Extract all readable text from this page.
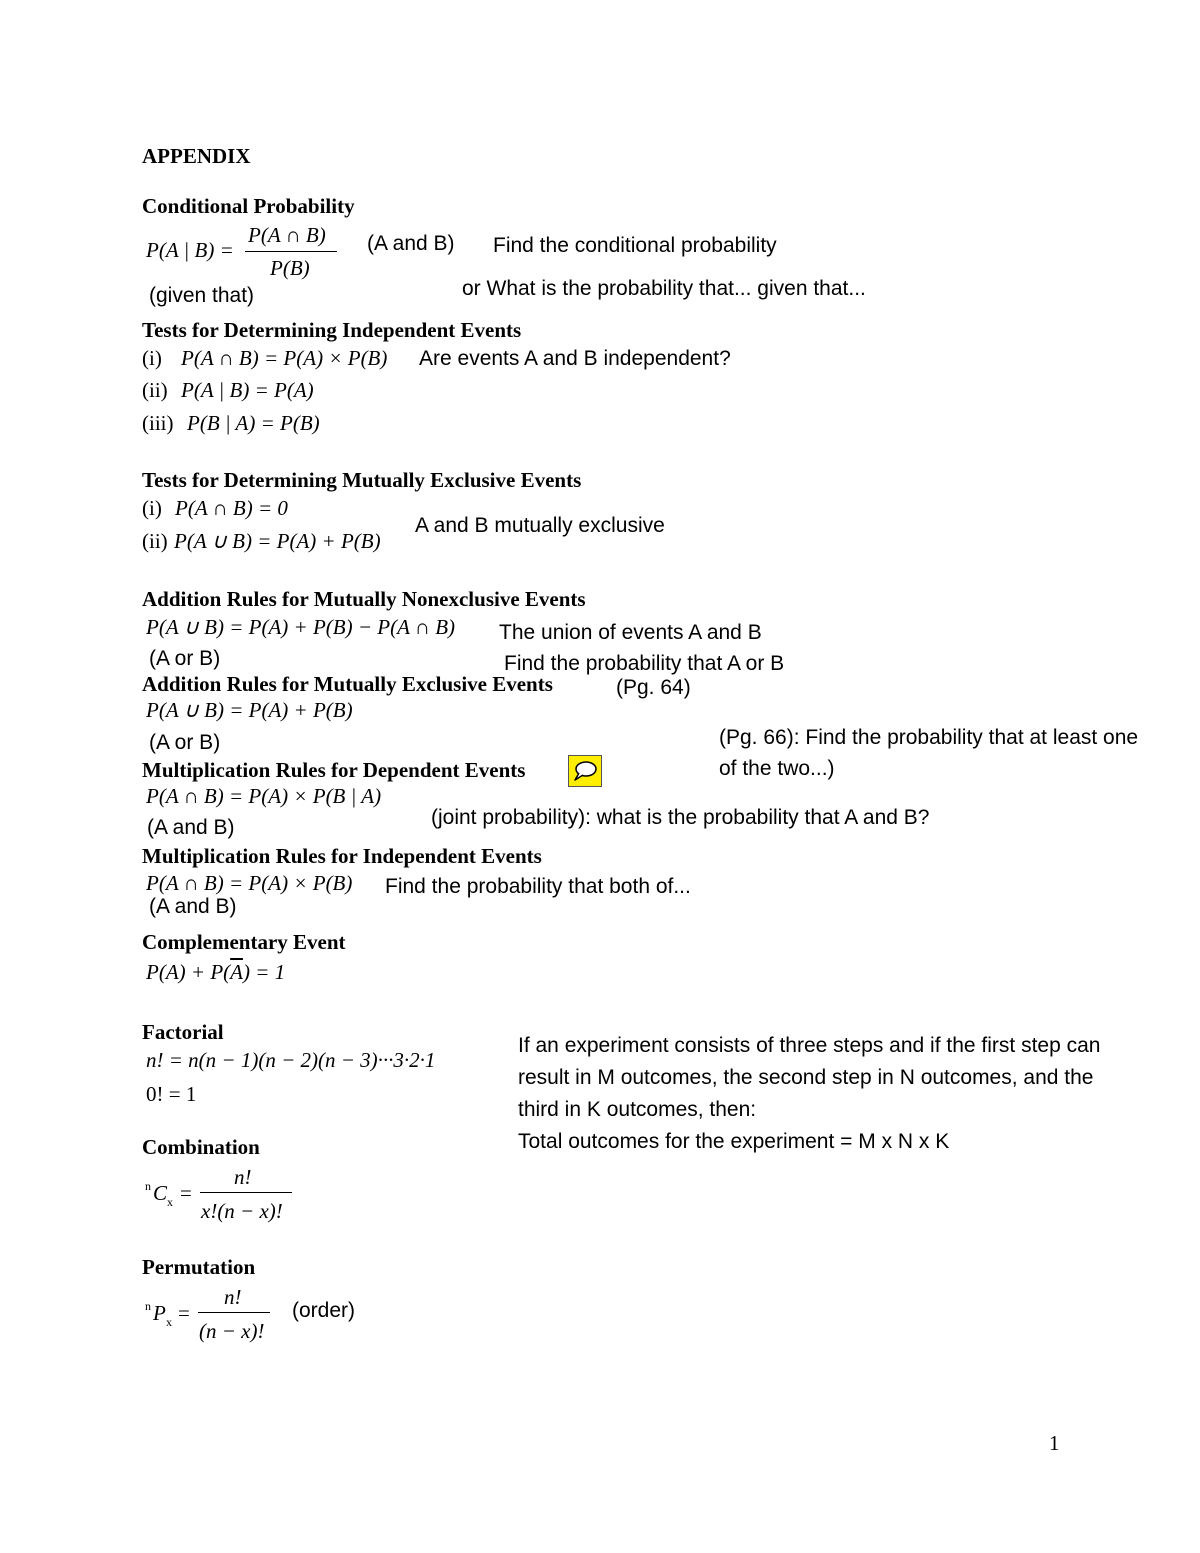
APPENDIX
Conditional Probability
P(A | B) =
P(A ∩ B)
P(B)
(A and B) Find the conditional probability
(given that)	or What is the probability that... given that...
Tests for Determining Independent Events
(i) P(A ∩ B) = P(A) × P(B) Are events A and B independent?
(ii) P(A | B) = P(A)
(iii) P(B | A) = P(B)
Tests for Determining Mutually Exclusive Events
(i) P(A ∩ B) = 0
(ii) P(A ∪ B) = P(A) + P(B)
A and B mutually exclusive
Addition Rules for Mutually Nonexclusive Events
P(A ∪ B) = P(A) + P(B) − P(A ∩ B) The union of events A and B
(A or B)	Find the probability that A or B
Addition Rules for Mutually Exclusive Events	(Pg. 64)
P(A ∪ B) = P(A) + P(B)
(A or B)	(Pg. 66): Find the probability that at least one
of the two...)
Multiplication Rules for Dependent Events
P(A ∩ B) = P(A) × P(B | A)
(A and B)	(joint probability): what is the probability that A and B?
Multiplication Rules for Independent Events
P(A ∩ B) = P(A) × P(B) Find the probability that both of...
(A and B)
Complementary Event
$P(A) + P(\overline{A}) = 1$
Factorial
n! = n(n − 1)(n − 2)(n − 3)···3·2·1
0! = 1
If an experiment consists of three steps and if the first step can
result in M outcomes, the second step in N outcomes, and the
third in K outcomes, then:
Total outcomes for the experiment = M x N x K
Combination
n C x =
n!
x!(n − x)!
Permutation
n P x =
n!
(n − x)!
(order)
1
